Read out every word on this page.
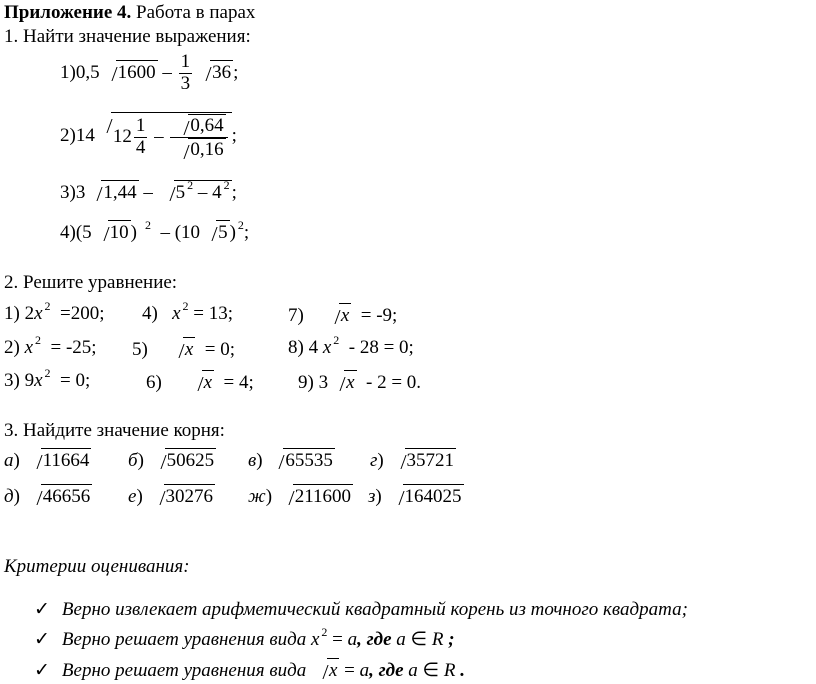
Приложение 4. Работа в парах
1. Найти значение выражения:
1)0,5 $1600 - \frac{1}{3} 36$ ;
2)14 $12 \frac{1}{4} - \frac{0,64}{0,16}$ ;
3)3 1,44 – 5 $^2$ – 4 $^2$ ;
4)(5 10 ) $^2$ – (10 5 ) $^2$;
2. Решите уравнение:
1) 2x $^2$ =200; 4) x $^2$ = 13;	7) x = -9;
2) x $^2$ = -25; 5) x = 0;	8) 4 x $^2$ - 28 = 0;
3) 9x $^2$ = 0;	6) x = 4; 9) 3 x - 2 = 0.
3. Найдите значение корня:
а) 11664 б) 50625 в) 65535 г) 35721
д) 46656 е) 30276 ж) 211600 з) 164025
Критерии оценивания:
✓ Верно извлекает арифметический квадратный корень из точного квадрата;
✓ Верно решает уравнения вида x $^2$ = a, где a ∈ R ;
✓ Верно решает уравнения вида x = a, где a ∈ R .
